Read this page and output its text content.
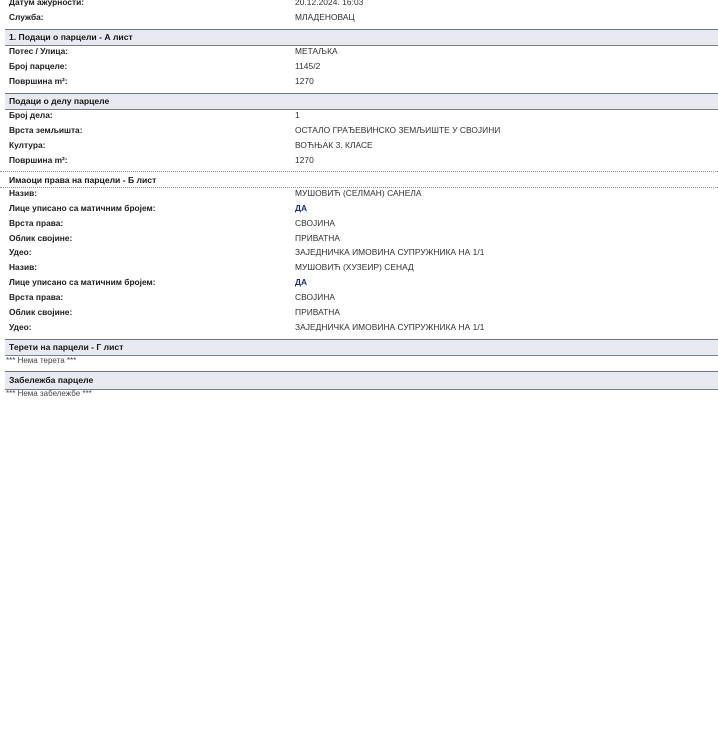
Датум ажурности:	20.12.2024. 16:03
Служба:	МЛАДЕНОВАЦ
1. Подаци о парцели - А лист
Потес / Улица:	МЕТАЉКА
Број парцеле:	1145/2
Површина m²:	1270
Подаци о делу парцеле
Број дела:	1
Врста земљишта:	ОСТАЛО ГРАЂЕВИНСКО ЗЕМЉИШТЕ У СВОЈИНИ
Култура:	ВОЋЊАК 3. КЛАСЕ
Површина m²:	1270
Имаоци права на парцели - Б лист
Назив:	МУШОВИЋ (СЕЛМАН) САНЕЛА
Лице уписано са матичним бројем:	ДА
Врста права:	СВОЈИНА
Облик својине:	ПРИВАТНА
Удео:	ЗАЈЕДНИЧКА ИМОВИНА СУПРУЖНИКА НА 1/1
Назив:	МУШОВИЋ (ХУЗЕИР) СЕНАД
Лице уписано са матичним бројем:	ДА
Врста права:	СВОЈИНА
Облик својине:	ПРИВАТНА
Удео:	ЗАЈЕДНИЧКА ИМОВИНА СУПРУЖНИКА НА 1/1
Терети на парцели - Г лист
*** Нема терета ***
Забележба парцеле
*** Нема забележбе ***
